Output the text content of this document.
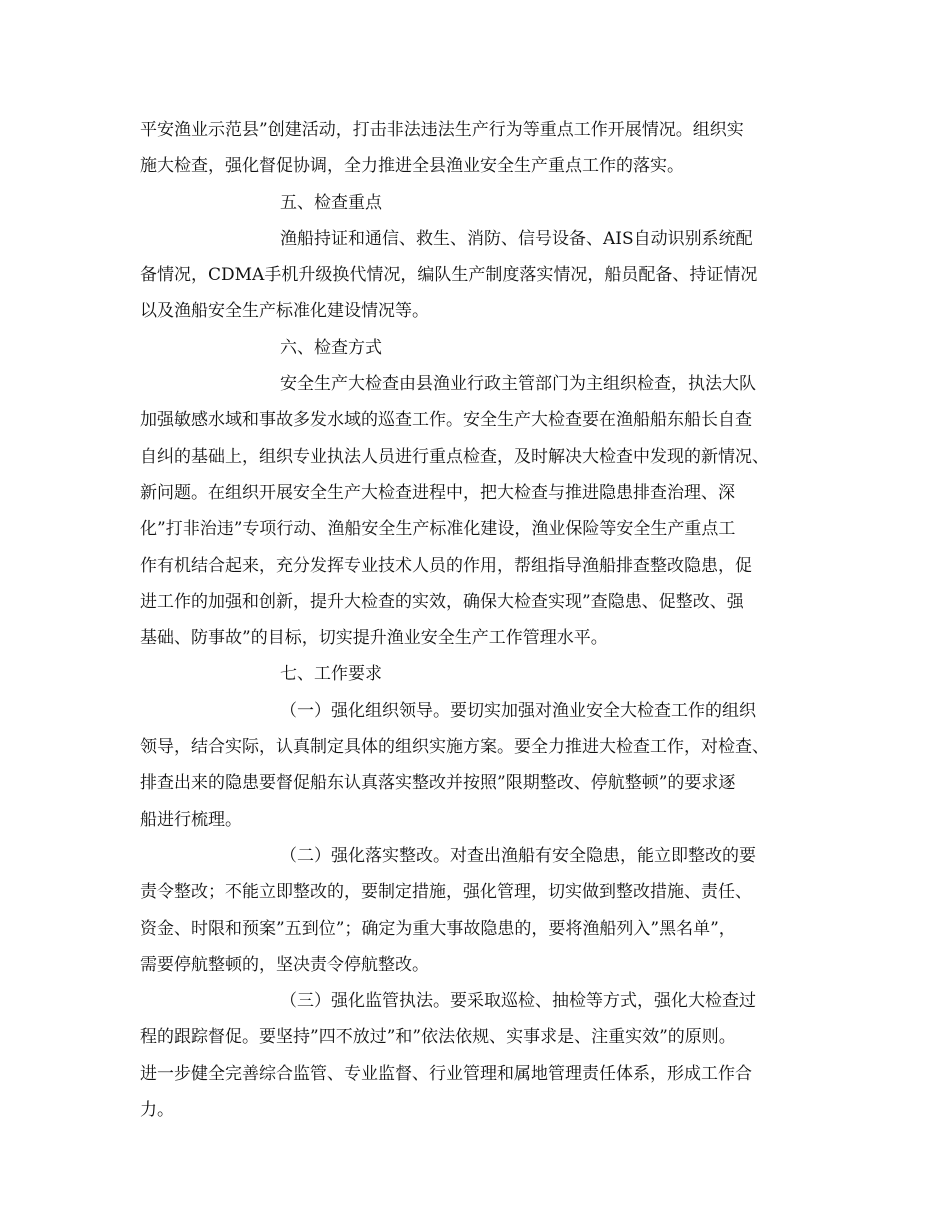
平安渔业示范县”创建活动，打击非法违法生产行为等重点工作开展情况。组织实

施大检查，强化督促协调，全力推进全县渔业安全生产重点工作的落实。

五、检查重点

渔船持证和通信、救生、消防、信号设备、AIS自动识别系统配

备情况，CDMA手机升级换代情况，编队生产制度落实情况，船员配备、持证情况

以及渔船安全生产标准化建设情况等。

六、检查方式

安全生产大检查由县渔业行政主管部门为主组织检查，执法大队

加强敏感水域和事故多发水域的巡查工作。安全生产大检查要在渔船船东船长自查

自纠的基础上，组织专业执法人员进行重点检查，及时解决大检查中发现的新情况、

新问题。在组织开展安全生产大检查进程中，把大检查与推进隐患排查治理、深

化”打非治违”专项行动、渔船安全生产标准化建设，渔业保险等安全生产重点工

作有机结合起来，充分发挥专业技术人员的作用，帮组指导渔船排查整改隐患，促

进工作的加强和创新，提升大检查的实效，确保大检查实现”查隐患、促整改、强

基础、防事故”的目标，切实提升渔业安全生产工作管理水平。

七、工作要求

（一）强化组织领导。要切实加强对渔业安全大检查工作的组织

领导，结合实际，认真制定具体的组织实施方案。要全力推进大检查工作，对检查、

排查出来的隐患要督促船东认真落实整改并按照”限期整改、停航整顿”的要求逐

船进行梳理。

（二）强化落实整改。对查出渔船有安全隐患，能立即整改的要

责令整改；不能立即整改的，要制定措施，强化管理，切实做到整改措施、责任、

资金、时限和预案”五到位”；确定为重大事故隐患的，要将渔船列入”黑名单”，

需要停航整顿的，坚决责令停航整改。

（三）强化监管执法。要采取巡检、抽检等方式，强化大检查过

程的跟踪督促。要坚持”四不放过”和”依法依规、实事求是、注重实效”的原则。

进一步健全完善综合监管、专业监督、行业管理和属地管理责任体系，形成工作合

力。
